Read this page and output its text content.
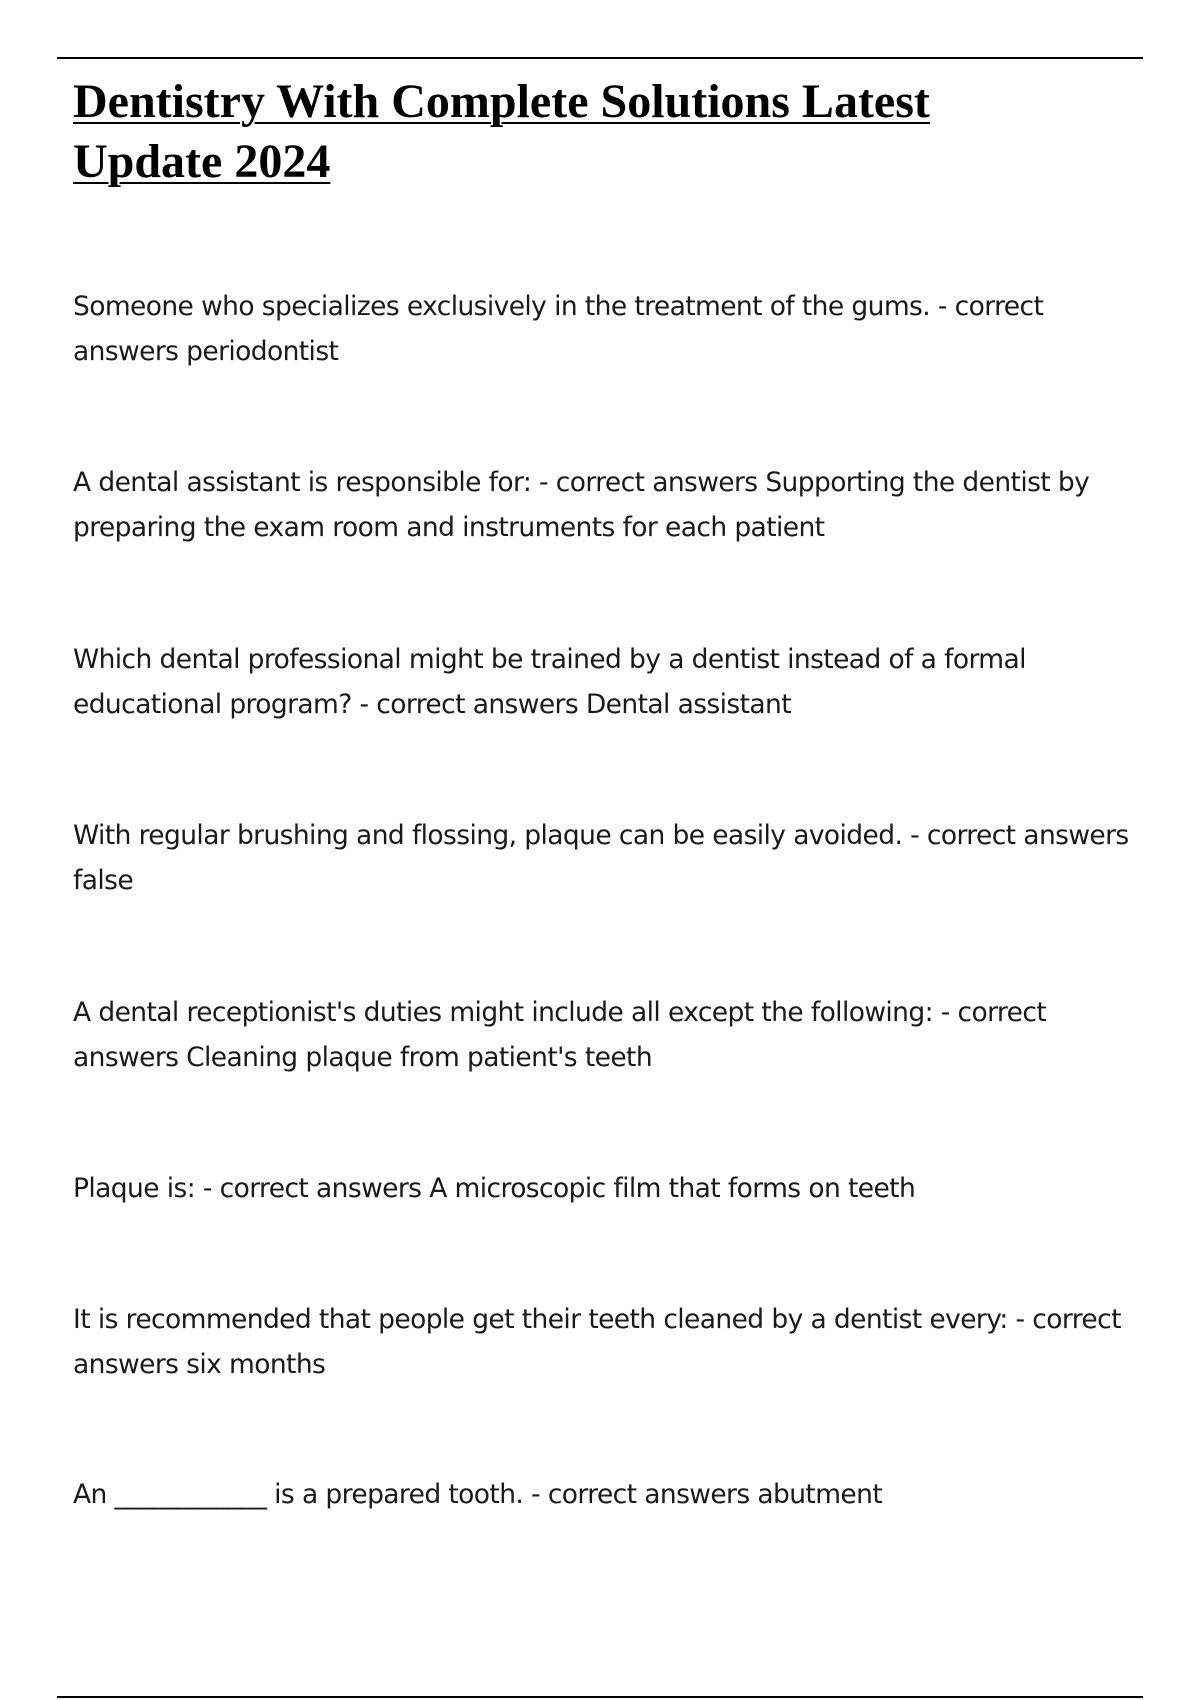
Dentistry With Complete Solutions Latest
Update 2024

Someone who specializes exclusively in the treatment of the gums. - correct
answers periodontist

A dental assistant is responsible for: - correct answers Supporting the dentist by
preparing the exam room and instruments for each patient

Which dental professional might be trained by a dentist instead of a formal
educational program? - correct answers Dental assistant

With regular brushing and flossing, plaque can be easily avoided. - correct answers
false

A dental receptionist's duties might include all except the following: - correct
answers Cleaning plaque from patient's teeth

Plaque is: - correct answers A microscopic film that forms on teeth

It is recommended that people get their teeth cleaned by a dentist every: - correct
answers six months

An ____________ is a prepared tooth. - correct answers abutment
